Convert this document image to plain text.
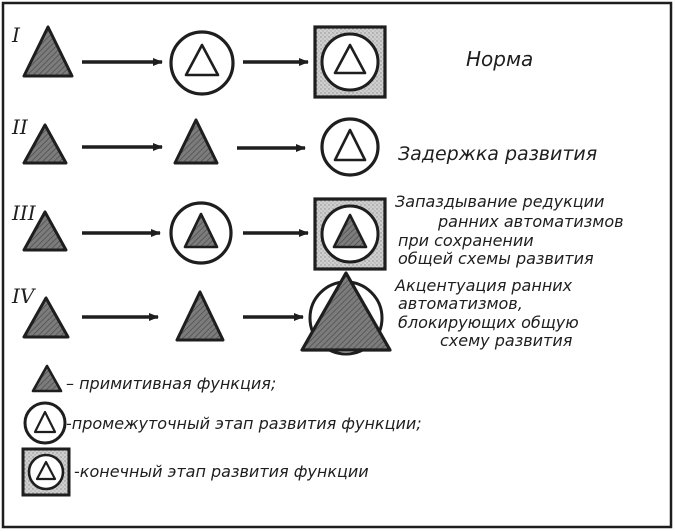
I
Норма
II
Задержка развития
III	Запаздывание редукции
ранних автоматизмов
при сохранении
общей схемы развития
IV	Акцентуация ранних
автоматизмов,
блокирующих общую
схему развития
– примитивная функция;
-промежуточный этап развития функции;
-конечный этап развития функции
